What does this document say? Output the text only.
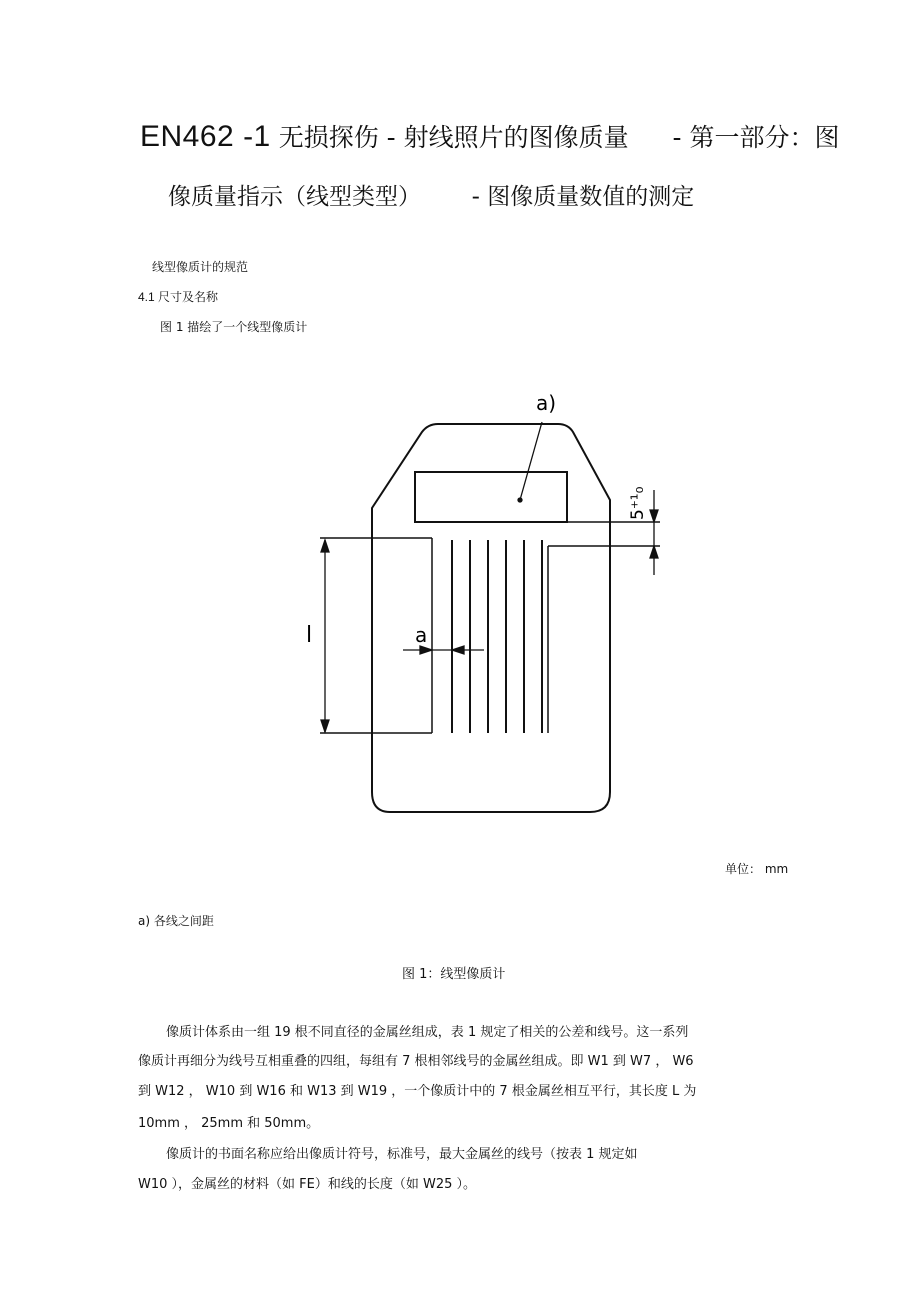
EN462 -1 无损探伤 - 射线照片的图像质量 - 第一部分：图
像质量指示（线型类型） - 图像质量数值的测定
线型像质计的规范
4.1 尺寸及名称
图 1 描绘了一个线型像质计
a)
a
l
5⁺¹₀
单位： mm
a) 各线之间距
图 1：线型像质计
像质计体系由一组 19 根不同直径的金属丝组成，表 1 规定了相关的公差和线号。这一系列
像质计再细分为线号互相重叠的四组，每组有 7 根相邻线号的金属丝组成。即 W1 到 W7 ， W6
到 W12 ， W10 到 W16 和 W13 到 W19 ，一个像质计中的 7 根金属丝相互平行，其长度 L 为
10mm ， 25mm 和 50mm。
像质计的书面名称应给出像质计符号，标准号，最大金属丝的线号（按表 1 规定如
W10 ），金属丝的材料（如 FE）和线的长度（如 W25 ）。
